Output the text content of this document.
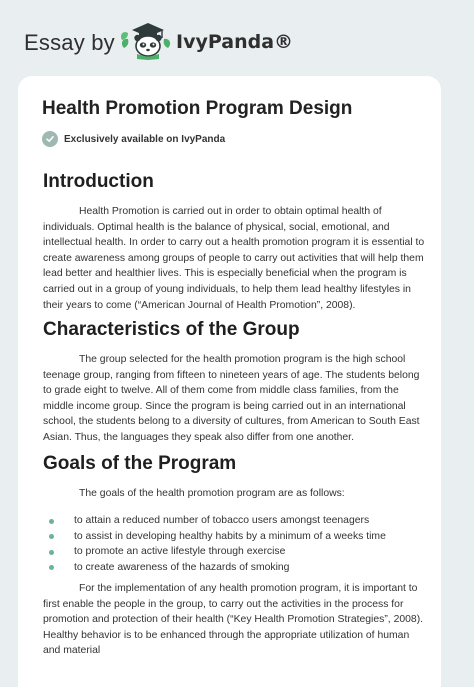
Essay by	IvyPanda®
Health Promotion Program Design
Exclusively available on IvyPanda
Introduction

Health Promotion is carried out in order to obtain optimal health of individuals. Optimal health is the balance of physical, social, emotional, and intellectual health. In order to carry out a health promotion program it is essential to create awareness among groups of people to carry out activities that will help them lead better and healthier lives. This is especially beneficial when the program is carried out in a group of young individuals, to help them lead healthy lifestyles in their years to come (“American Journal of Health Promotion”, 2008).

Characteristics of the Group

The group selected for the health promotion program is the high school teenage group, ranging from fifteen to nineteen years of age. The students belong to grade eight to twelve. All of them come from middle class families, from the middle income group. Since the program is being carried out in an international school, the students belong to a diversity of cultures, from American to South East Asian. Thus, the languages they speak also differ from one another.

Goals of the Program

The goals of the health promotion program are as follows:

to attain a reduced number of tobacco users amongst teenagers
to assist in developing healthy habits by a minimum of a weeks time
to promote an active lifestyle through exercise
to create awareness of the hazards of smoking

For the implementation of any health promotion program, it is important to first enable the people in the group, to carry out the activities in the process for promotion and protection of their health (“Key Health Promotion Strategies”, 2008). Healthy behavior is to be enhanced through the appropriate utilization of human and material
